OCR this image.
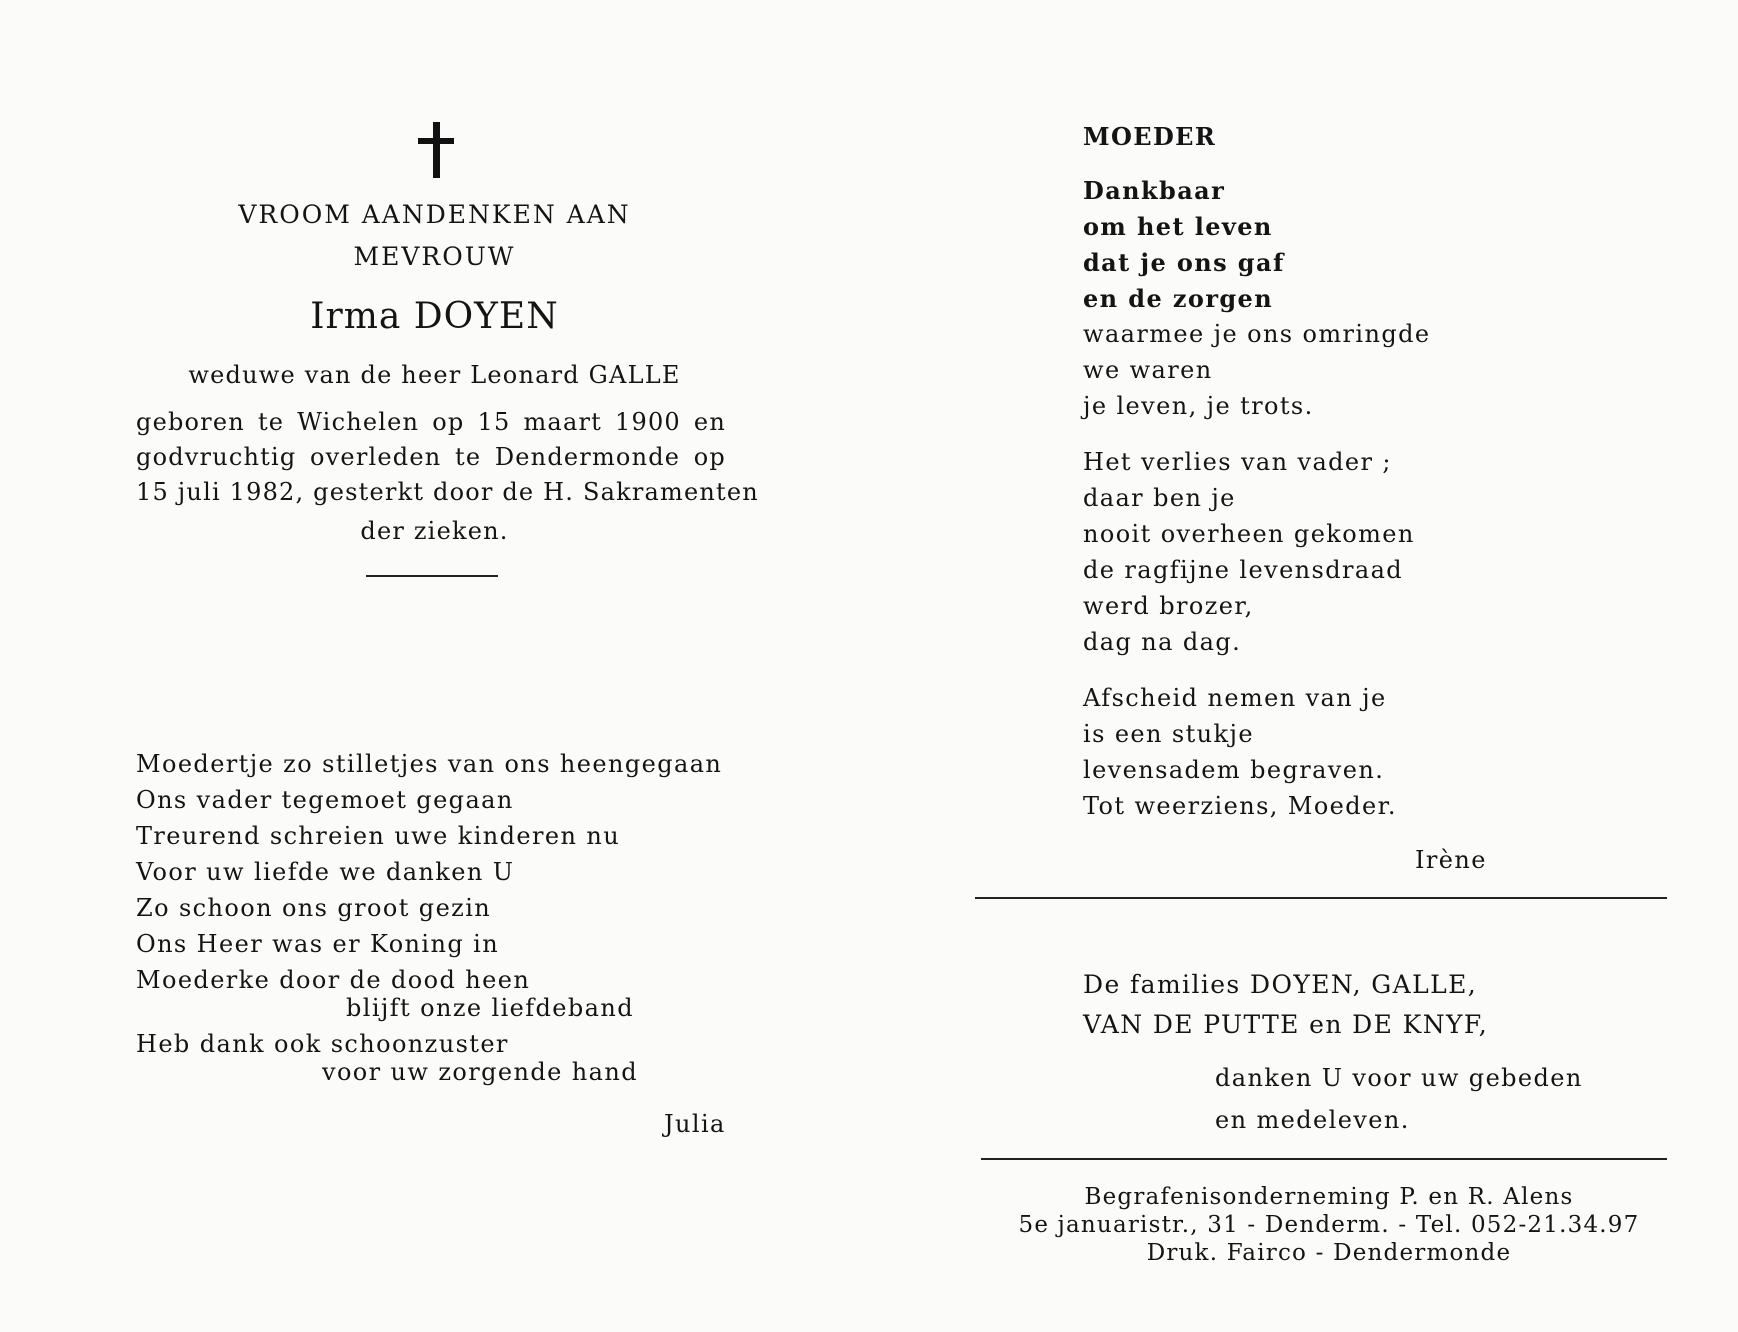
VROOM AANDENKEN AAN
MEVROUW
Irma DOYEN
weduwe van de heer Leonard GALLE
geboren te Wichelen op 15 maart 1900 en
godvruchtig overleden te Dendermonde op
15 juli 1982, gesterkt door de H. Sakramenten
der zieken.
Moedertje zo stilletjes van ons heengegaan
Ons vader tegemoet gegaan
Treurend schreien uwe kinderen nu
Voor uw liefde we danken U
Zo schoon ons groot gezin
Ons Heer was er Koning in
Moederke door de dood heen
blijft onze liefdeband
Heb dank ook schoonzuster
voor uw zorgende hand
Julia
MOEDER
Dankbaar
om het leven
dat je ons gaf
en de zorgen
waarmee je ons omringde
we waren
je leven, je trots.
Het verlies van vader ;
daar ben je
nooit overheen gekomen
de ragfijne levensdraad
werd brozer,
dag na dag.
Afscheid nemen van je
is een stukje
levensadem begraven.
Tot weerziens, Moeder.
Irène
De families DOYEN, GALLE,
VAN DE PUTTE en DE KNYF,
danken U voor uw gebeden
en medeleven.
Begrafenisonderneming P. en R. Alens
5e januaristr., 31 - Denderm. - Tel. 052-21.34.97
Druk. Fairco - Dendermonde
